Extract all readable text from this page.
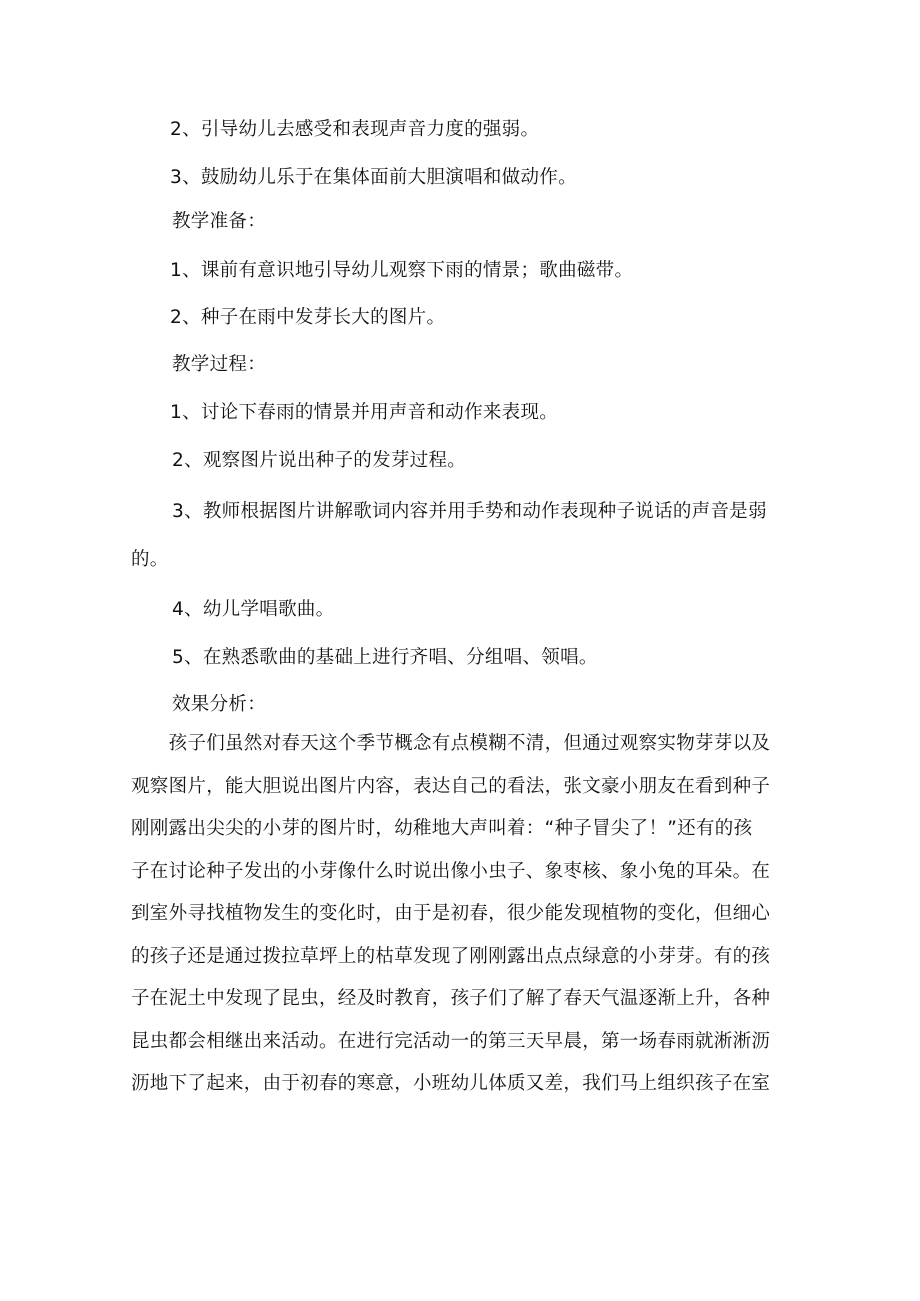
2、引导幼儿去感受和表现声音力度的强弱。
3、鼓励幼儿乐于在集体面前大胆演唱和做动作。
教学准备：
1、课前有意识地引导幼儿观察下雨的情景；歌曲磁带。
2、种子在雨中发芽长大的图片。
教学过程：
1、讨论下春雨的情景并用声音和动作来表现。
2、观察图片说出种子的发芽过程。
3、教师根据图片讲解歌词内容并用手势和动作表现种子说话的声音是弱
的。
4、幼儿学唱歌曲。
5、在熟悉歌曲的基础上进行齐唱、分组唱、领唱。
效果分析：
　　孩子们虽然对春天这个季节概念有点模糊不清，但通过观察实物芽芽以及
观察图片，能大胆说出图片内容，表达自己的看法，张文豪小朋友在看到种子
刚刚露出尖尖的小芽的图片时，幼稚地大声叫着：“种子冒尖了！”还有的孩
子在讨论种子发出的小芽像什么时说出像小虫子、象枣核、象小兔的耳朵。在
到室外寻找植物发生的变化时，由于是初春，很少能发现植物的变化，但细心
的孩子还是通过拨拉草坪上的枯草发现了刚刚露出点点绿意的小芽芽。有的孩
子在泥土中发现了昆虫，经及时教育，孩子们了解了春天气温逐渐上升，各种
昆虫都会相继出来活动。在进行完活动一的第三天早晨，第一场春雨就淅淅沥
沥地下了起来，由于初春的寒意，小班幼儿体质又差，我们马上组织孩子在室
